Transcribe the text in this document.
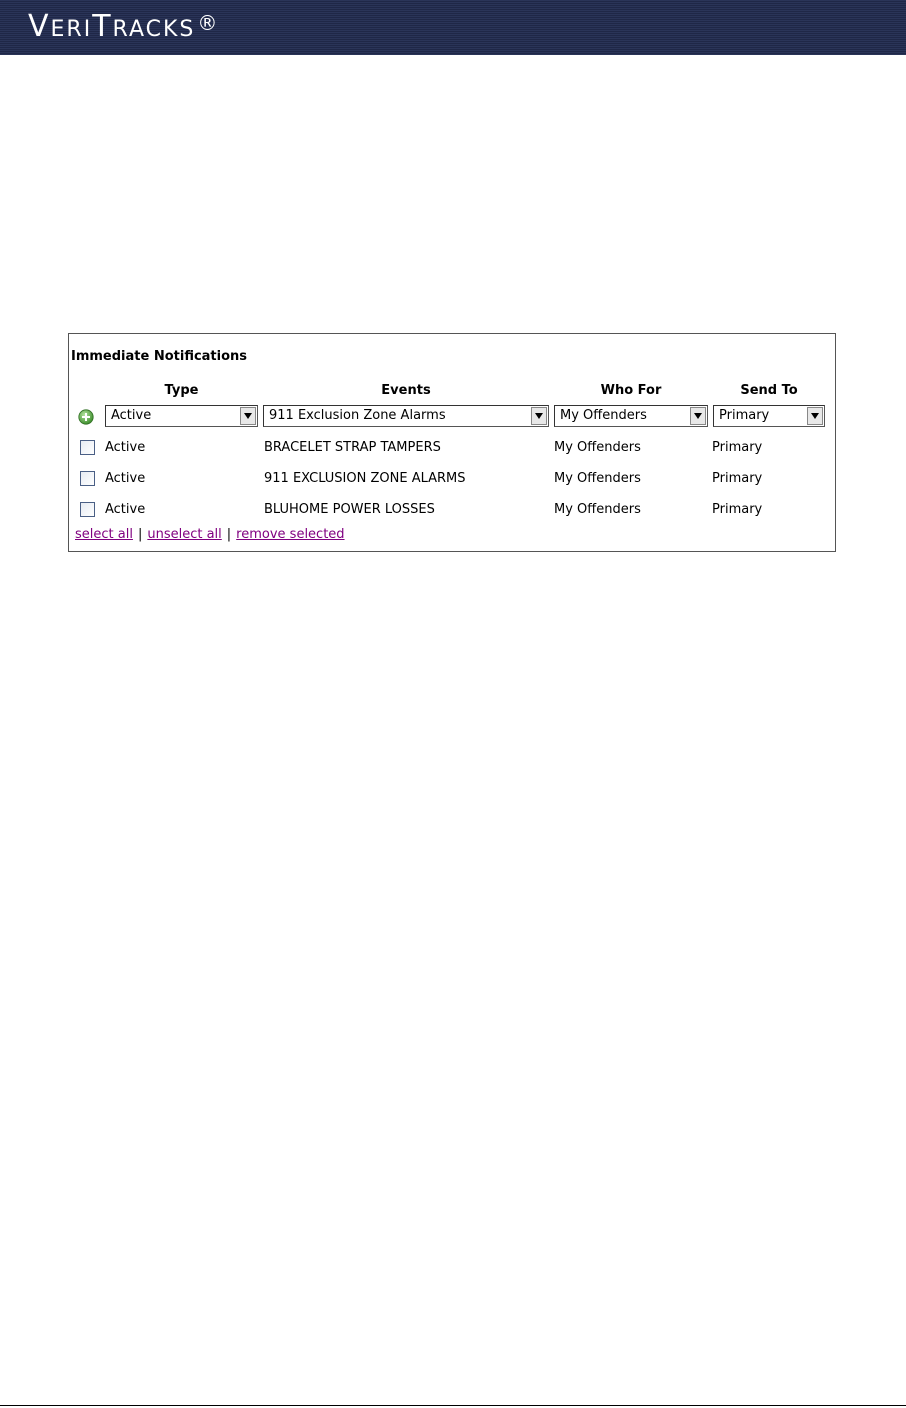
VERITRACKS ®
Immediate Notifications
Type	Events	Who For	Send To
Active	911 Exclusion Zone Alarms	My Offenders	Primary
Active	BRACELET STRAP TAMPERS	My Offenders	Primary
Active	911 EXCLUSION ZONE ALARMS	My Offenders	Primary
Active	BLUHOME POWER LOSSES	My Offenders	Primary
select all | unselect all | remove selected
